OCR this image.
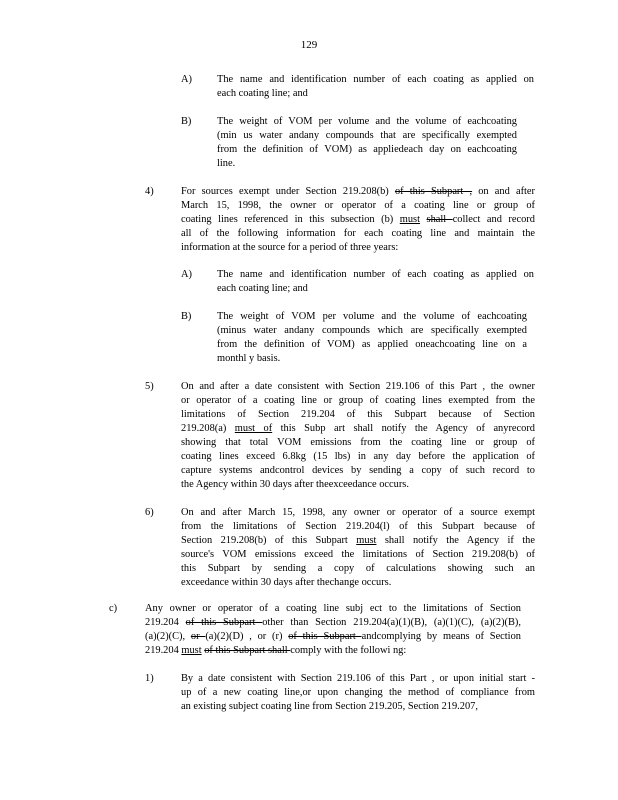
129
A) The name and identification number of each coating as applied on
each coating line; and
B) The weight of VOM per volume and the volume of eachcoating
(min us water andany compounds that are specifically exempted
from the definition of VOM) as appliedeach day on eachcoating
line.
4)	For sources exempt under Section 219.208(b) of this Subpart , on and after
March 15, 1998, the owner or operator of a coating line or group of
coating lines referenced in this subsection (b) must shall collect and record
all of the following information for each coating line and maintain the
information at the source for a period of three years:
A) The name and identification number of each coating as applied on
each coating line; and
B) The weight of VOM per volume and the volume of eachcoating
(minus water andany compounds which are specifically exempted
from the definition of VOM) as applied oneachcoating line on a
monthl y basis.
5)	On and after a date consistent with Section 219.106 of this Part , the owner
or operator of a coating line or group of coating lines exempted from the
limitations of Section 219.204 of this Subpart because of Section
219.208(a) must of this Subp art shall notify the Agency of anyrecord
showing that total VOM emissions from the coating line or group of
coating lines exceed 6.8kg (15 lbs) in any day before the application of
capture systems andcontrol devices by sending a copy of such record to
the Agency within 30 days after theexceedance occurs.
6)	On and after March 15, 1998, any owner or operator of a source exempt
from the limitations of Section 219.204(l) of this Subpart because of
Section 219.208(b) of this Subpart must shall notify the Agency if the
source's VOM emissions exceed the limitations of Section 219.208(b) of
this Subpart by sending a copy of calculations showing such an
exceedance within 30 days after thechange occurs.
c)	Any owner or operator of a coating line subj ect to the limitations of Section
219.204 of this Subpart other than Section 219.204(a)(1)(B), (a)(1)(C), (a)(2)(B),
(a)(2)(C), or (a)(2)(D) , or (r) of this Subpart andcomplying by means of Section
219.204 must of this Subpart shall comply with the followi ng:
1)	By a date consistent with Section 219.106 of this Part , or upon initial start -
up of a new coating line,or upon changing the method of compliance from
an existing subject coating line from Section 219.205, Section 219.207,
